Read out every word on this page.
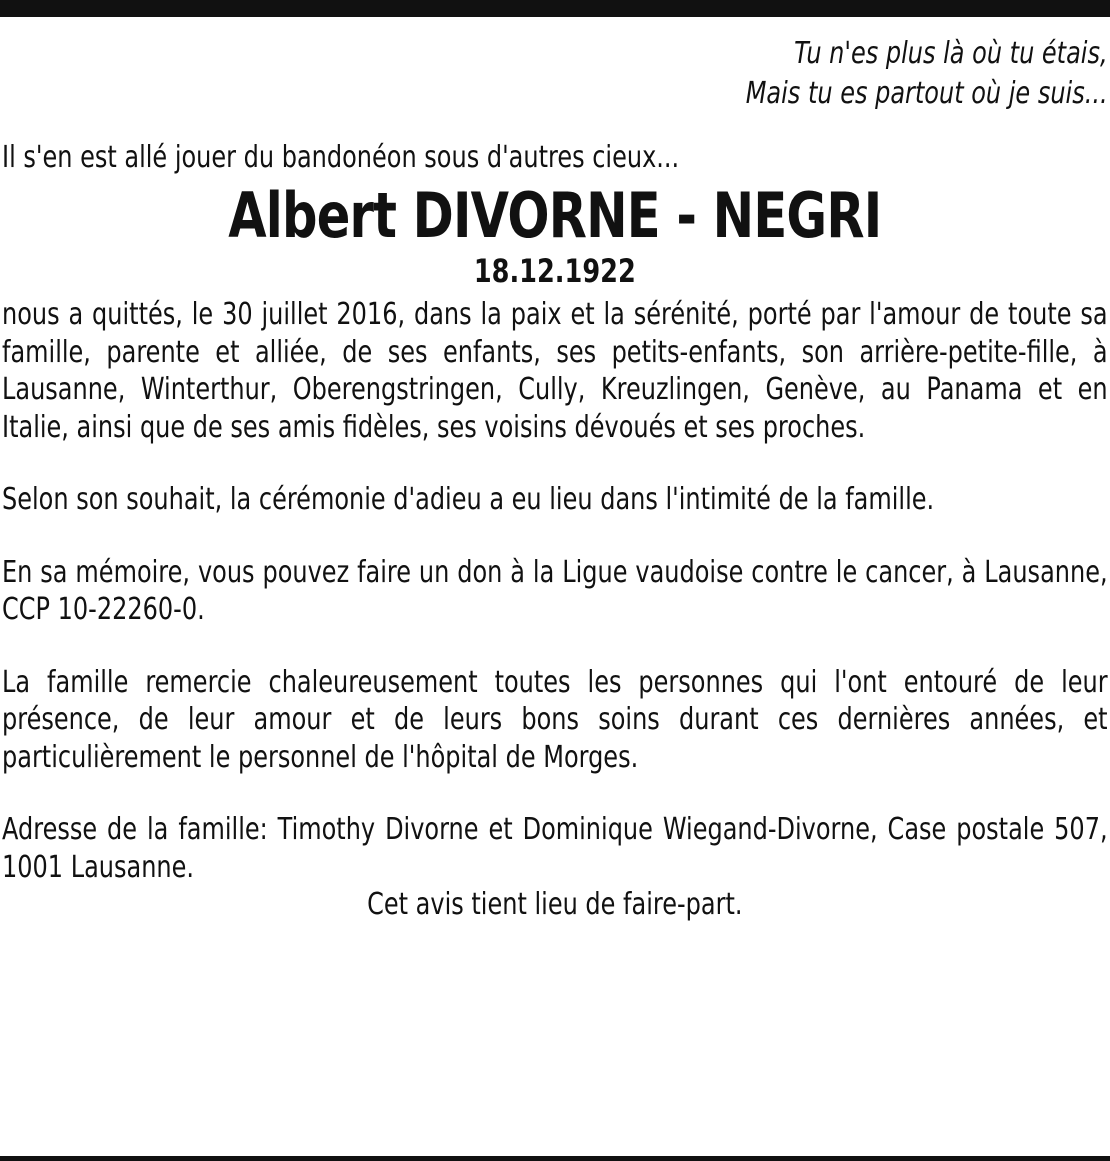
Tu n'es plus là où tu étais,
Mais tu es partout où je suis...
Il s'en est allé jouer du bandonéon sous d'autres cieux...
Albert DIVORNE - NEGRI
18.12.1922

nous a quittés, le 30 juillet 2016, dans la paix et la sérénité, porté par l'amour de toute sa famille, parente et alliée, de ses enfants, ses petits-enfants, son arrière-petite-fille, à Lausanne, Winterthur, Oberengstringen, Cully, Kreuzlingen, Genève, au Panama et en Italie, ainsi que de ses amis fidèles, ses voisins dévoués et ses proches.

Selon son souhait, la cérémonie d'adieu a eu lieu dans l'intimité de la famille.

En sa mémoire, vous pouvez faire un don à la Ligue vaudoise contre le cancer, à Lausanne, CCP 10-22260-0.

La famille remercie chaleureusement toutes les personnes qui l'ont entouré de leur présence, de leur amour et de leurs bons soins durant ces dernières années, et particulièrement le personnel de l'hôpital de Morges.

Adresse de la famille: Timothy Divorne et Dominique Wiegand-Divorne, Case postale 507, 1001 Lausanne.

Cet avis tient lieu de faire-part.
